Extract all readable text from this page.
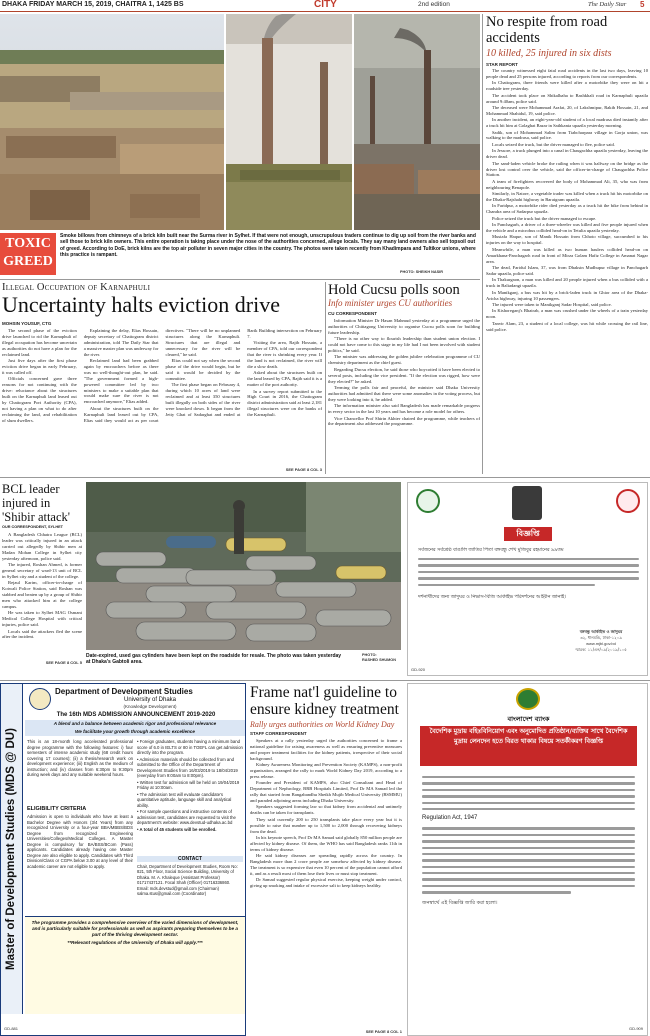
DHAKA FRIDAY MARCH 15, 2019, CHAITRA 1, 1425 BS	CITY	2nd edition	The Daily Star 5
TOXIC
GREED
Smoke billows from chimneys of a brick kiln built near the Surma river in Sylhet. If that were not enough, unscrupulous traders continue to dig up soil from the river banks and sell those to brick kiln owners. This entire operation is taking place under the nose of the authorities concerned, allege locals. They say many land owners also sell topsoil out of greed. According to DoE, brick kilns are the top air polluter in seven major cities in the country. The photos were taken recently from Khadimpara and Tultikor unions, where this practice is rampant.
PHOTO: SHEIKH NASIR
No respite from road accidents
10 killed, 25 injured in six dists
STAR REPORT

The country witnessed eight fatal road accidents in the last two days, leaving 10 people dead and 25 persons injured, according to reports from our correspondents.

In Chattogram, three friends were killed after a motorbike they were on hit a roadside tree yesterday.

The accident took place on Shikalbaha to Bashkhali road in Karnaphuli upazila around 9:40am, police said.

The deceased were Mohammad Arafat, 20, of Lakshmipur, Rakib Hossain, 21, and Mohammad Shahidul, 19, said police.

In another incident, an eight-year-old student of a local madrasa died instantly after a truck hit him at Golaghat Bazar in Sathkania upazila yesterday morning.

Sadik, son of Mohammad Salim from Tiabcharpara village in Gorja union, was walking to the madrasa, said police.

Locals seized the truck, but the driver managed to flee, police said.

In Jessore, a truck plunged into a canal in Chaugachha upazila yesterday, leaving the driver dead.

The sand-laden vehicle broke the railing when it was halfway on the bridge as the driver lost control over the vehicle, said the officer-in-charge of Chaugachha Police Station.

A team of firefighters recovered the body of Mohammad Ali, 35, who was from neighbouring Benapole.

Similarly, in Natore, a vegetable trader was killed when a truck hit his motorbike on the Dhaka-Rajshahi highway in Baraigram upazila.

In Faridpur, a motorbike rider died yesterday as a truck hit the bike from behind in Chandra area of Sadarpur upazila.

Police seized the truck but the driver managed to escape.

In Panchagarh, a driver of a three-wheeler was killed and five people injured when the vehicle and a microbus collided head-on in Tetulia upazila yesterday.

Mustafa Haque, son of Manik Hossain from Chhoto village, succumbed to his injuries on the way to hospital.

Meanwhile, a man was killed as two human haulers collided head-on on Amarkhana-Panchagarh road in front of Mirza Golam Hafiz College in Amanat Nagar area.

The dead, Faridul Islam, 37, was from Dhaksin Mudhupur village in Panchagarh Sadar upazila, police said.

In Thakurgaon, a man was killed and 20 people injured when a bus collided with a truck in Baliadangi upazila.

In Manikganj, a bus was hit by a brick-laden truck in Ghior area of the Dhaka-Aricha highway, injuring 10 passengers.

The injured were taken to Manikganj Sadar Hospital, said police.

In Kishoreganj's Bhairab, a man was crushed under the wheels of a train yesterday noon.

Tanvir Alam, 23, a student of a local college, was hit while crossing the rail line, said police.

Illegal Occupation of Karnaphuli
Uncertainty halts eviction drive
MOHSIN YOUSUF, CTG

The second phase of the eviction drive launched to rid the Karnaphuli of illegal occupation has become uncertain as authorities do not have a plan for the reclaimed land.

Just five days after the first phase eviction drive began in early February, it was called off.

Officials concerned gave three reasons for not continuing with the drive: reluctance about the structures built on the Karnaphuli land leased out by Chattogram Port Authority (CPA), not having a plan on what to do after reclaiming the land, and rehabilitation of slum dwellers.

Explaining the delay, Elias Hossain, deputy secretary of Chattogram district administration, told The Daily Star that a massive master plan was underway for the river.

Reclaimed land had been grabbed again by encroachers before as there was no well-thought-out plan, he said. "The government formed a high-powered committee led by two ministers to make a suitable plan that would make sure the river is not encroached anymore," Elias added.

About the structures built on the Karnaphuli land leased out by CPA, Elias said they would act as per court directives. "There will be no unplanned structures along the Karnaphuli. Structures that are illegal and unnecessary for the river will be cleared," he said.

Elias could not say when the second phase of the drive would begin, but he said it would be decided by the committee.

The first phase began on February 4, during which 10 acres of land were reclaimed and at least 350 structures built illegally on both sides of the river were knocked down. It began from the Jetty Ghat of Sadarghat and ended at Barik Building intersection on February 7.

Visiting the area, Rajib Hossain, a member of CPA, told our correspondent that the river is shrinking every year. If the land is not reclaimed, the river will die a slow death.

Asked about the structures built on the land leased by CPA, Rajib said it is a matter of the port authority.

In a survey report submitted to the High Court in 2016, the Chattogram district administration said at least 2,181 illegal structures were on the banks of the Karnaphuli.

SEE PAGE 8 COL 3
Hold Cucsu polls soon
Info minister urges CU authorities
CU CORRESPONDENT

Information Minister Dr Hasan Mahmud yesterday at a programme urged the authorities of Chittagong University to organise Cucsu polls soon for building future leadership.

"There is no other way to flourish leadership than student union election. I could not have come to this stage in my life had I not been involved with student politics," he said.

The minister was addressing the golden jubilee celebration programme of CU chemistry department as the chief guest.

Regarding Ducsu election, he said those who boycotted it have been elected to several posts, including the vice president. "If the election was rigged, how were they elected?" he asked.

Terming the polls fair and peaceful, the minister said Dhaka University authorities had admitted that there were some anomalies in the voting process, but they were looking into it, he added.

The information minister also said Bangladesh has made remarkable progress in every sector in the last 10 years and has become a role model for others.

Vice Chancellor Prof Shirin Akhter chaired the programme, while teachers of the department also addressed the programme.

BCL leader injured in 'Shibir attack'
OUR CORRESPONDENT, SYLHET

A Bangladesh Chhatra League (BCL) leader was critically injured in an attack carried out allegedly by Shibir men at Madan Mohan College in Sylhet city yesterday afternoon, police said.

The injured, Roshan Ahmed, is former general secretary of ward-13 unit of BCL in Sylhet city and a student of the college.

Rejaul Karim, officer-in-charge of Kotwali Police Station, said Roshan was stabbed and beaten up by a group of Shibir men who attacked him at the college campus.

He was taken to Sylhet MAG Osmani Medical College Hospital with critical injuries, police said.

Locals said the attackers fled the scene after the incident.

SEE PAGE 8 COL 5
Date-expired, used gas cylinders have been kept on the roadside for resale. The photo was taken yesterday at Dhaka's Gabtoli area.
PHOTO:
RASHED SHUMON
বিজ্ঞপ্তি
সর্বজনের সর্বশ্রেষ্ঠ বাঙালি জাতির পিতা বঙ্গবন্ধু শেখ মুজিবুর রহমানের ৯৯তম
দর্শনার্থীদের জন্য জাদুঘর ও নিভাস-বিজি আর্কাইভ পরিদর্শনের আহ্বান জানাই।
বঙ্গবন্ধু আর্কাইভ ও জাদুঘর
৩২, ধানমন্ডি, ঢাকা-১২০৯
www.mjbl.gov.bd
স্মারক: ১১/এন/০৯/২০১৯/১০৫
GD-920
Master of Development Studies (MDS @ DU)
Department of Development Studies
University of Dhaka
(Knowledge Development)
The 16th MDS ADMISSION ANNOUNCEMENT 2019-2020
A blend and a balance between academic rigor and professional relevance
We facilitate your growth through academic excellence
This is an 18-month long accelerated professional degree programme with the following features: i) four semesters of intense academic study (68 credit hours covering 17 courses); (ii) a thesis/research work on development experience; (iii) English as the medium of instruction; and (iv) classes from 6:30pm to 9:30pm during week days and any suitable weekend hours.
ELIGIBILITY CRITERIA
Admission is open to individuals who have at least a Bachelor Degree with Honors (3/4 Years) from any recognized University or a four-year BBA/MBBS/BDS Degree from recognized Engineering Universities/Colleges/Medical Colleges. A Master Degree is compulsory for BA/BSS/BCom (Pass) applicants. Candidates already having one Master Degree are also eligible to apply. Candidates with Third Division/Class or CGPA below 3.00 at any level of their academic career are not eligible to apply.
• Foreign graduates, students having a minimum band score of 6.0 in IELTS or 80 in TOEFL can get admission directly into the program.
• Admission materials should be collected from and submitted to the Office of the Department of Development Studies from 16/03/2019 to 18/04/2019 (everyday from 9:00am to 8:00pm).
• Written test for admission will be held on 19/04/2019 Friday at 10:00am.
• The admission test will evaluate candidate's quantitative aptitude, language skill and analytical ability.
• For sample questions and instructive contents of admission test, candidates are requested to visit the department's website: www.devstud-udhaka.ac.bd
• A total of 45 students will be enrolled.
CONTACT
Chair, Department of Development Studies, Room No: 821, 5th Floor, Social Science Building, University of Dhaka. M. A. Khaleque (Assistant Professor) 01717437121. Focal Shah (Officer) 01716336860. Email: mds.devstud@gmail.com (Chairman) salma.stus@gmail.com (Coordinator)
The programme provides a comprehensive overview of the varied dimensions of development, and is particularly suitable for professionals as well as aspirants preparing themselves to be a part of the thriving development sector.
**Relevant regulations of the University of Dhaka will apply.***
GD-881
Frame nat'l guideline to ensure kidney treatment
Rally urges authorities on World Kidney Day
STAFF CORRESPONDENT

Speakers at a rally yesterday urged the authorities concerned to frame a national guideline for raising awareness as well as ensuring preventive measures and proper treatment facilities for the kidney patients, irrespective of their social background.

Kidney Awareness Monitoring and Prevention Society (KAMPS), a non-profit organisation, arranged the rally to mark World Kidney Day 2019, according to a press release.

Founder and President of KAMPS, also Chief Consultant and Head of Department of Nephrology, BRB Hospitals Limited, Prof Dr MA Samad led the rally that started from Bangabandhu Sheikh Mujib Medical University (BSMMU) and paraded adjoining areas including Dhaka University.

Speakers suggested forming law so that kidney from accidental and untimely deaths can be taken for transplants.

They said currently 200 to 250 transplants take place every year but it is possible to raise that number up to 1,500 to 2,000 through recovering kidneys from the dead.

In his keynote speech, Prof Dr MA Samad said globally 850 million people are affected by kidney disease. Of them, the WHO has said Bangladesh ranks 11th in terms of kidney disease.

He said kidney diseases are spreading rapidly across the country. In Bangladesh more than 2 crore people are somehow affected by kidney disease. The treatment is so expensive that even 10 percent of the population cannot afford it, and as a result most of them lose their lives or must stop treatment.

Dr Samad suggested regular physical exercise, keeping weight under control, giving up smoking and intake of excessive salt to keep kidneys healthy.

SEE PAGE 8 COL 1
বাংলাদেশ ব্যাংক
বৈদেশিক মুদ্রায় বহিঃবিনিয়োগ এবং অনুমোদিত প্রতিষ্ঠান/ব্যক্তির সাথে বৈদেশিক মুদ্রায় লেনদেন হতে বিরত থাকার বিষয়ে সতর্কীকরণ বিজ্ঞপ্তি
Regulation Act, 1947
জনস্বার্থে এই বিজ্ঞপ্তি জারি করা হলো।
GD-909
